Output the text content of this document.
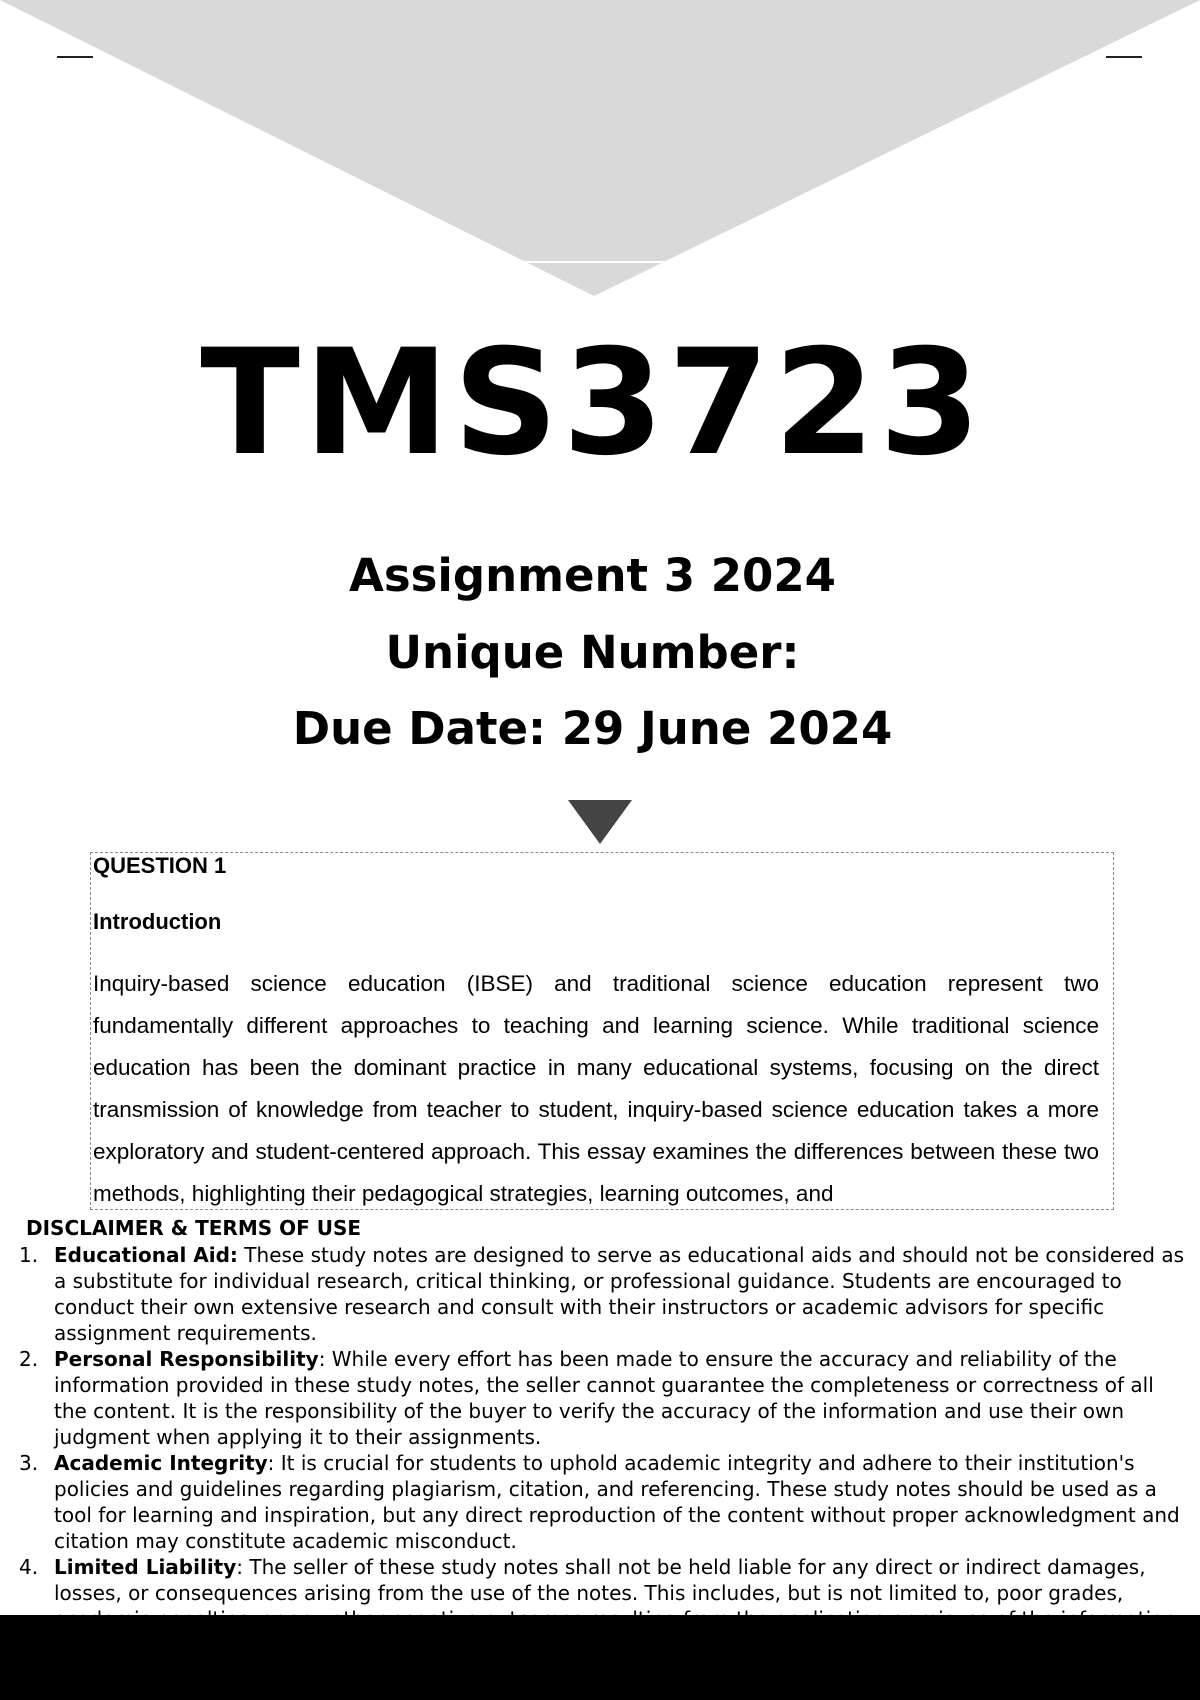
TMS3723
Assignment 3 2024
Unique Number:
Due Date: 29 June 2024

QUESTION 1

Introduction

Inquiry-based science education (IBSE) and traditional science education represent two fundamentally different approaches to teaching and learning science. While traditional science education has been the dominant practice in many educational systems, focusing on the direct transmission of knowledge from teacher to student, inquiry-based science education takes a more exploratory and student-centered approach. This essay examines the differences between these two methods, highlighting their pedagogical strategies, learning outcomes, and

DISCLAIMER & TERMS OF USE
1. Educational Aid: These study notes are designed to serve as educational aids and should not be considered as a substitute for individual research, critical thinking, or professional guidance. Students are encouraged to conduct their own extensive research and consult with their instructors or academic advisors for specific assignment requirements.
2. Personal Responsibility: While every effort has been made to ensure the accuracy and reliability of the information provided in these study notes, the seller cannot guarantee the completeness or correctness of all the content. It is the responsibility of the buyer to verify the accuracy of the information and use their own judgment when applying it to their assignments.
3. Academic Integrity: It is crucial for students to uphold academic integrity and adhere to their institution's policies and guidelines regarding plagiarism, citation, and referencing. These study notes should be used as a tool for learning and inspiration, but any direct reproduction of the content without proper acknowledgment and citation may constitute academic misconduct.
4. Limited Liability: The seller of these study notes shall not be held liable for any direct or indirect damages, losses, or consequences arising from the use of the notes. This includes, but is not limited to, poor grades,
